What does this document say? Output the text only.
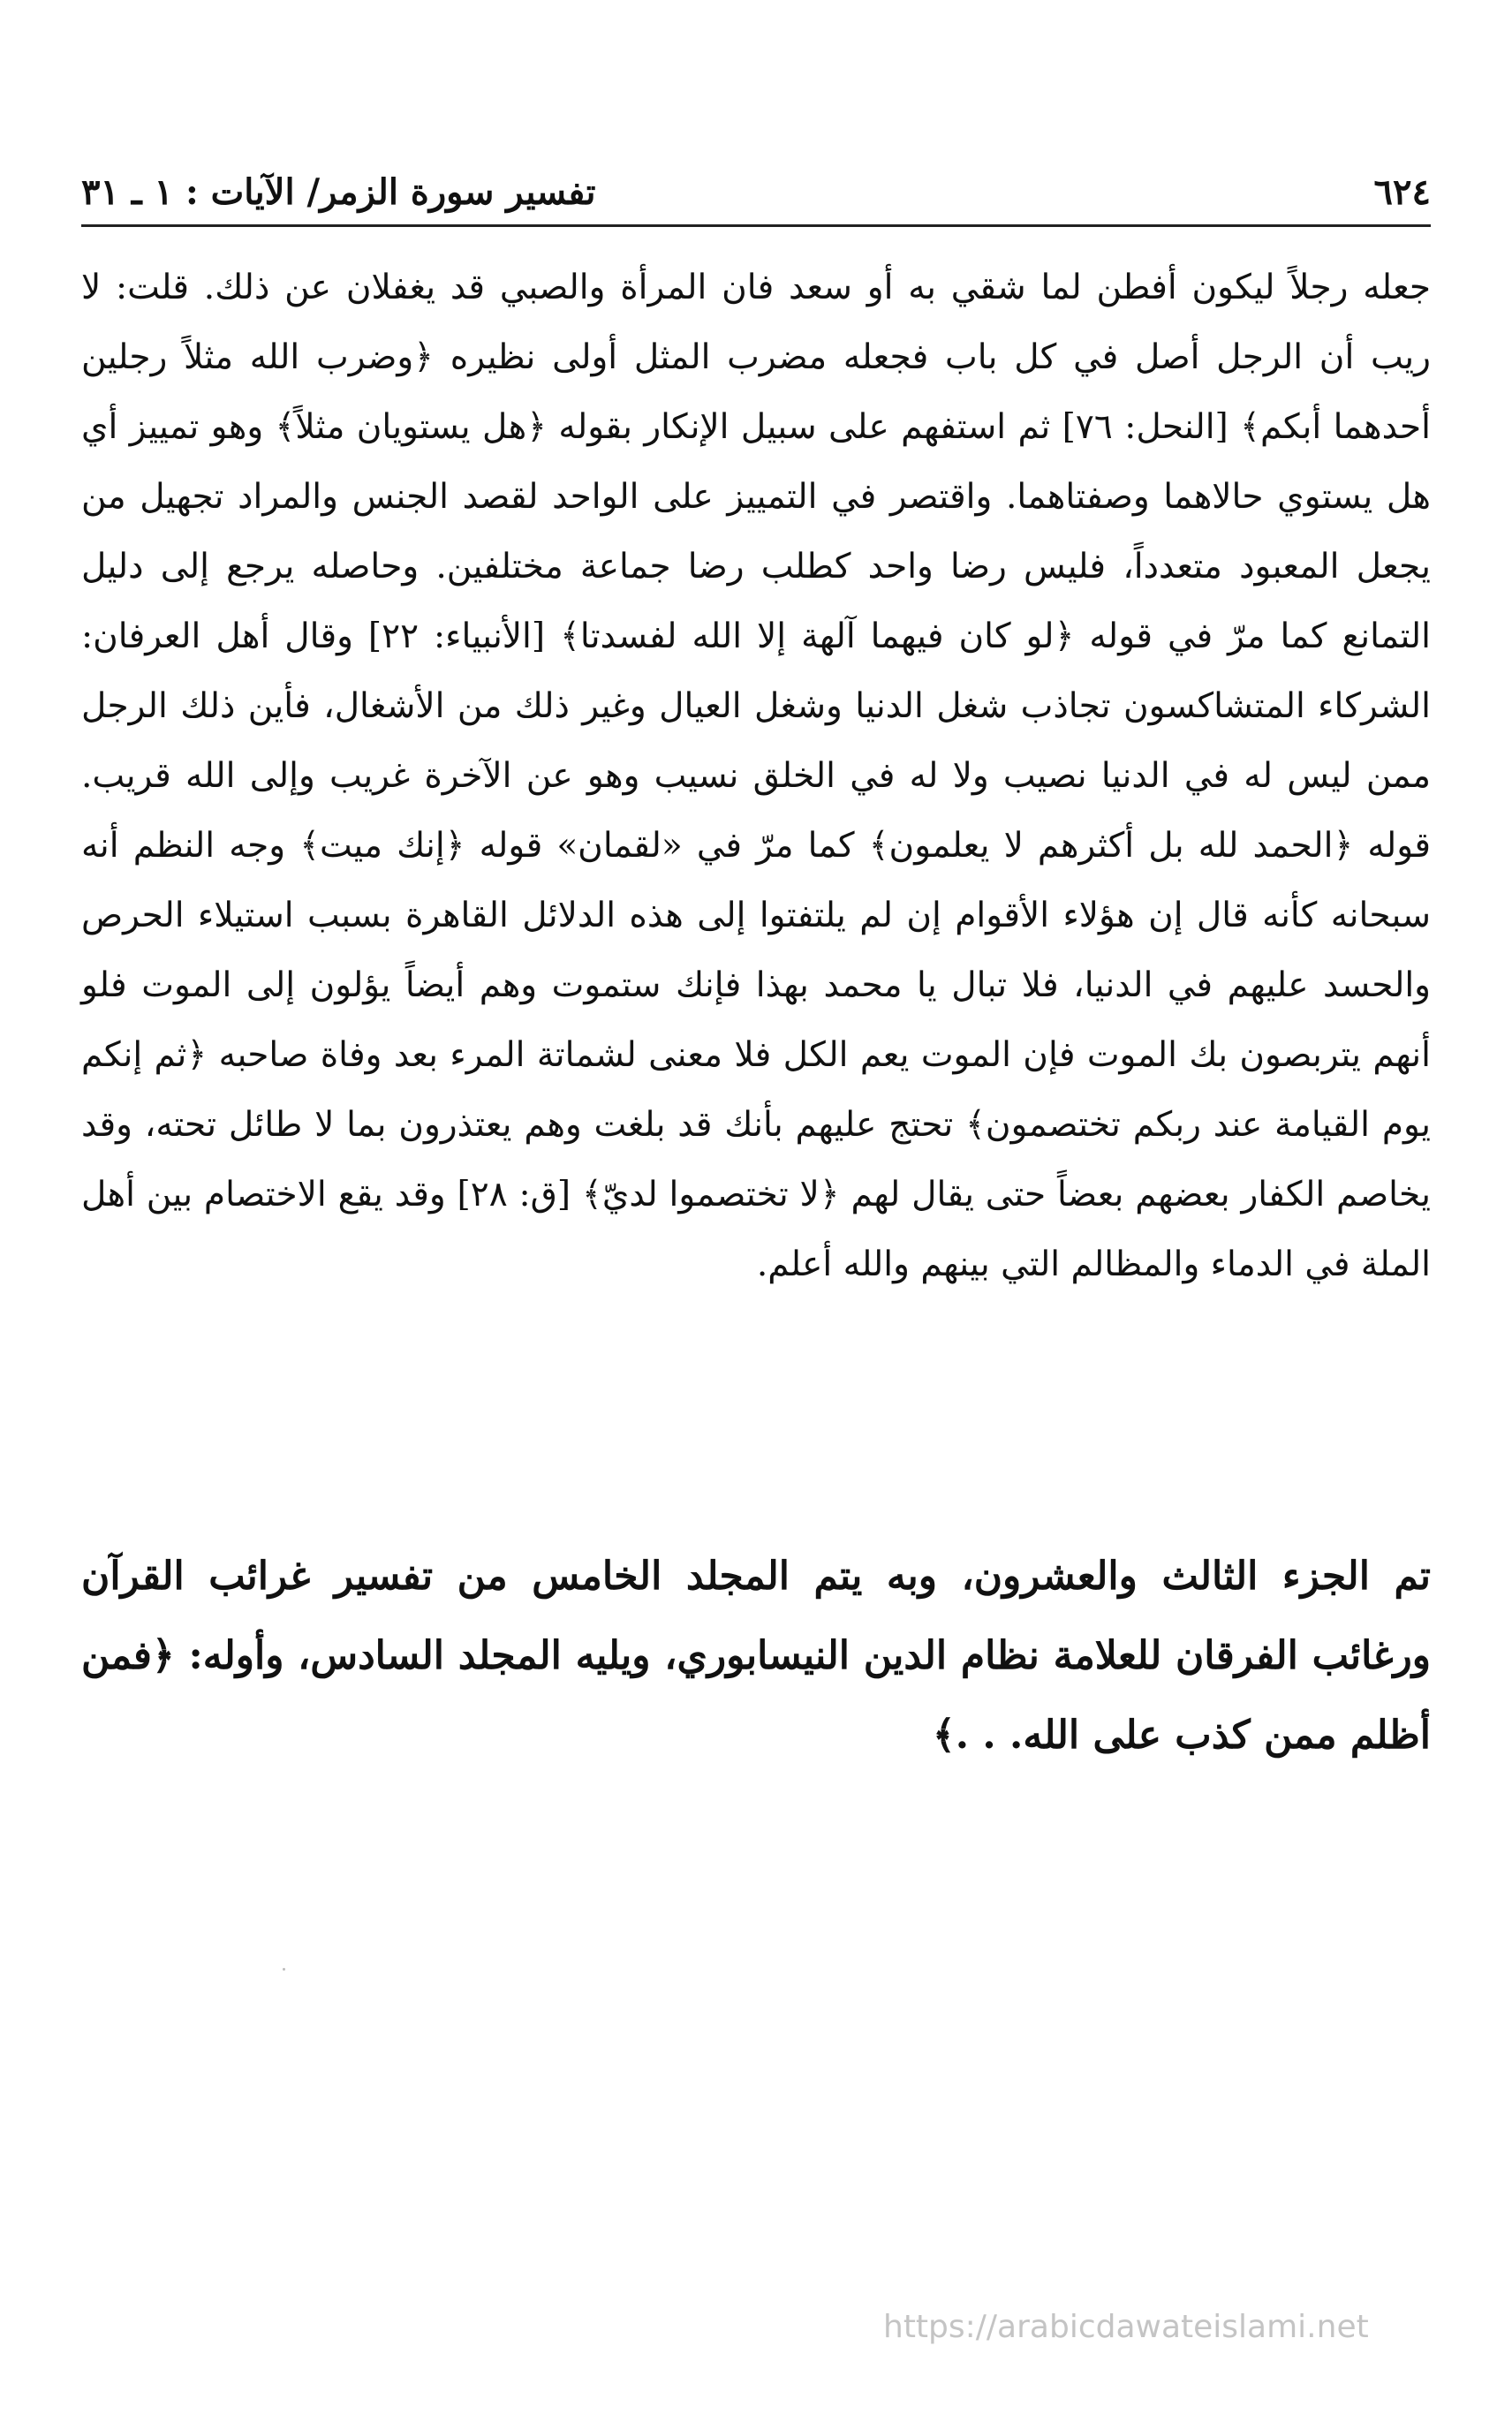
٦٢٤
تفسير سورة الزمر/ الآيات : ١ ـ ٣١

جعله رجلاً ليكون أفطن لما شقي به أو سعد فان المرأة والصبي قد يغفلان عن ذلك. قلت: لا ريب أن الرجل أصل في كل باب فجعله مضرب المثل أولى نظيره ﴿وضرب الله مثلاً رجلين أحدهما أبكم﴾ [النحل: ٧٦] ثم استفهم على سبيل الإنكار بقوله ﴿هل يستويان مثلاً﴾ وهو تمييز أي هل يستوي حالاهما وصفتاهما. واقتصر في التمييز على الواحد لقصد الجنس والمراد تجهيل من يجعل المعبود متعدداً، فليس رضا واحد كطلب رضا جماعة مختلفين. وحاصله يرجع إلى دليل التمانع كما مرّ في قوله ﴿لو كان فيهما آلهة إلا الله لفسدتا﴾ [الأنبياء: ٢٢] وقال أهل العرفان: الشركاء المتشاكسون تجاذب شغل الدنيا وشغل العيال وغير ذلك من الأشغال، فأين ذلك الرجل ممن ليس له في الدنيا نصيب ولا له في الخلق نسيب وهو عن الآخرة غريب وإلى الله قريب. قوله ﴿الحمد لله بل أكثرهم لا يعلمون﴾ كما مرّ في «لقمان» قوله ﴿إنك ميت﴾ وجه النظم أنه سبحانه كأنه قال إن هؤلاء الأقوام إن لم يلتفتوا إلى هذه الدلائل القاهرة بسبب استيلاء الحرص والحسد عليهم في الدنيا، فلا تبال يا محمد بهذا فإنك ستموت وهم أيضاً يؤلون إلى الموت فلو أنهم يتربصون بك الموت فإن الموت يعم الكل فلا معنى لشماتة المرء بعد وفاة صاحبه ﴿ثم إنكم يوم القيامة عند ربكم تختصمون﴾ تحتج عليهم بأنك قد بلغت وهم يعتذرون بما لا طائل تحته، وقد يخاصم الكفار بعضهم بعضاً حتى يقال لهم ﴿لا تختصموا لديّ﴾ [ق: ٢٨] وقد يقع الاختصام بين أهل الملة في الدماء والمظالم التي بينهم والله أعلم.

تم الجزء الثالث والعشرون، وبه يتم المجلد الخامس من تفسير غرائب القرآن ورغائب الفرقان للعلامة نظام الدين النيسابوري، ويليه المجلد السادس، وأوله: ﴿فمن أظلم ممن كذب على الله. . .﴾

https://arabicdawateislami.net
